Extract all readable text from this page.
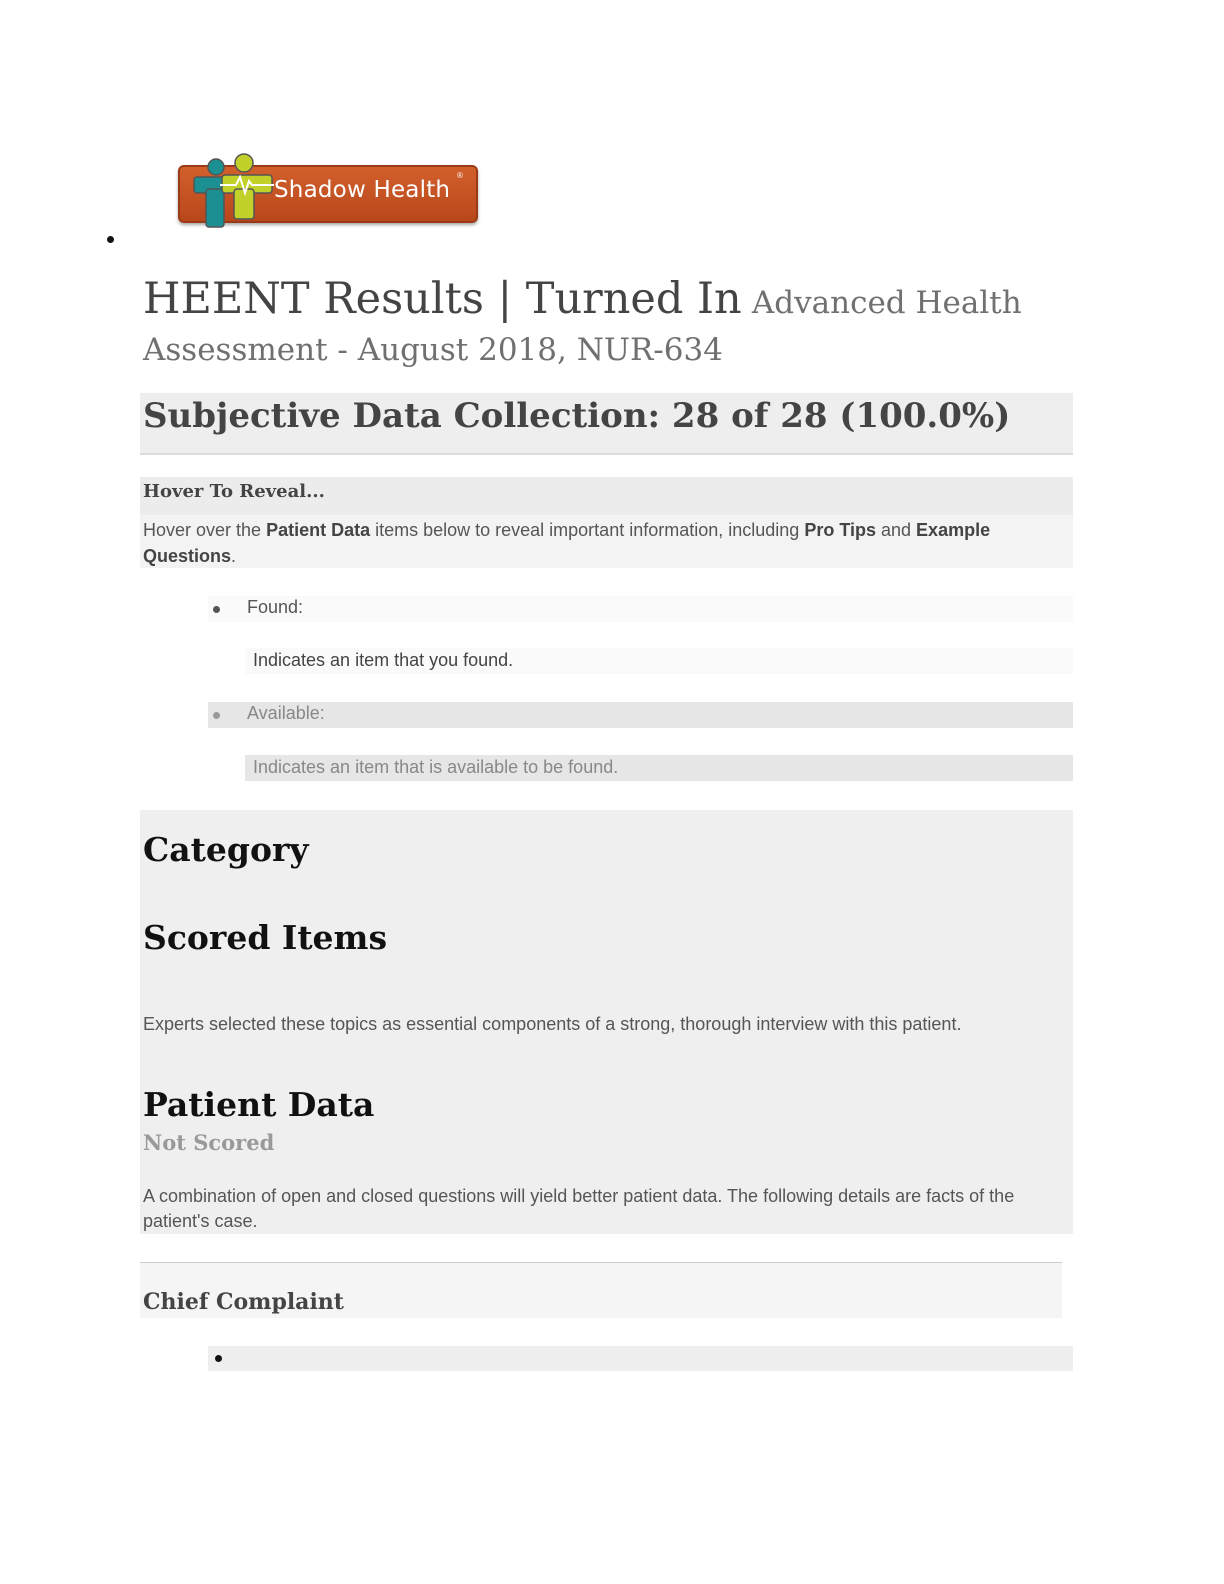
Shadow Health
®
HEENT Results | Turned In Advanced Health Assessment - August 2018, NUR-634
Subjective Data Collection: 28 of 28 (100.0%)
Hover To Reveal...
Hover over the Patient Data items below to reveal important information, including Pro Tips and Example Questions.
Found:
Indicates an item that you found.
Available:
Indicates an item that is available to be found.
Category
Scored Items

Experts selected these topics as essential components of a strong, thorough interview with this patient.

Patient Data
Not Scored

A combination of open and closed questions will yield better patient data. The following details are facts of the patient's case.

Chief Complaint
